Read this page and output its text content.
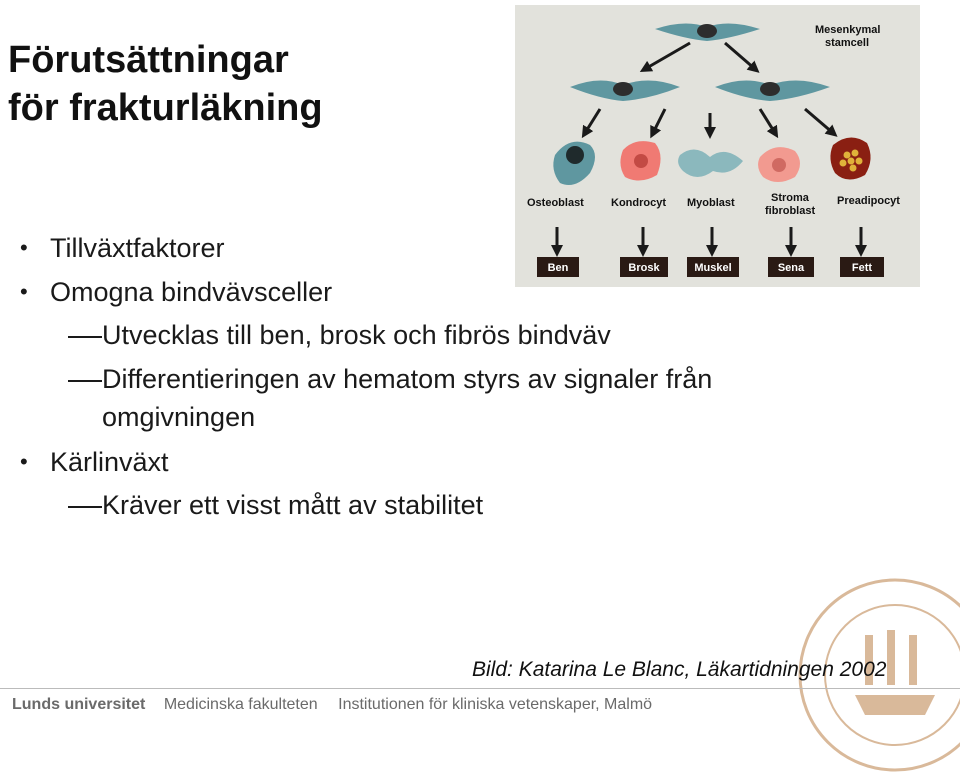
Förutsättningar
för frakturläkning
• Tillväxtfaktorer
• Omogna bindvävsceller
Utvecklas till ben, brosk och fibrös bindväv
Differentieringen av hematom styrs av signaler från omgivningen
• Kärlinväxt
Kräver ett visst mått av stabilitet
Mesenkymal
stamcell
Osteoblast Kondrocyt Myoblast	Stroma
fibroblast
Preadipocyt
Ben	Brosk	Muskel	Sena	Fett
Bild: Katarina Le Blanc, Läkartidningen 2002
Lunds universitet Medicinska fakulteten Institutionen för kliniska vetenskaper, Malmö
